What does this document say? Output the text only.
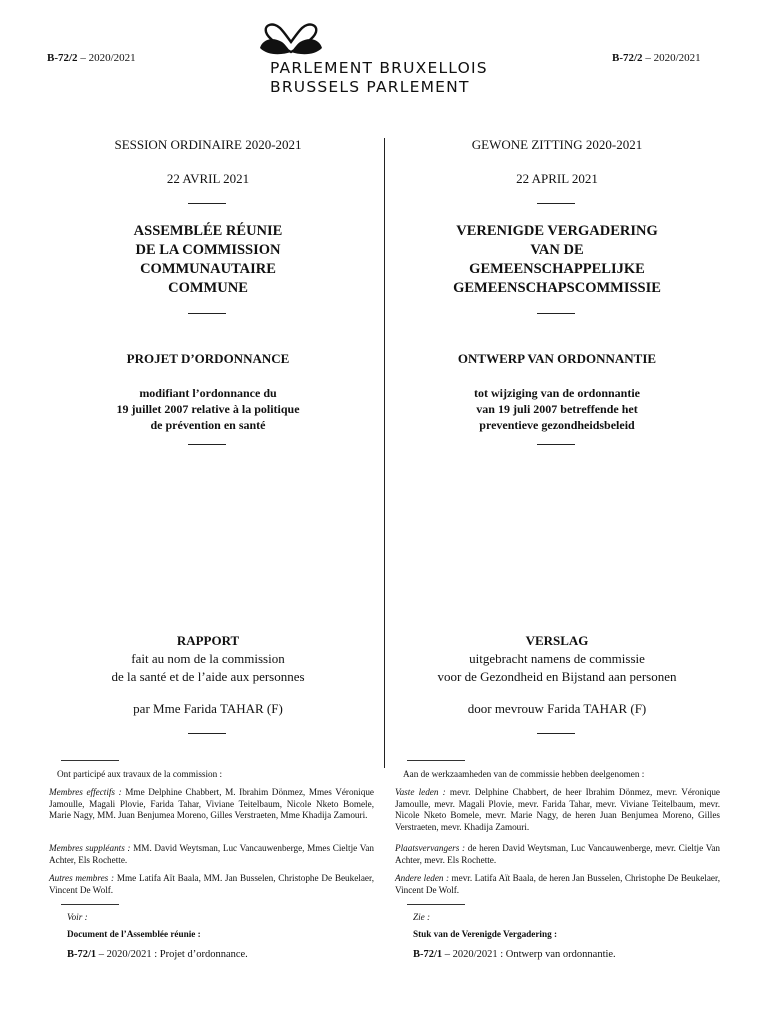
B-72/2 – 2020/2021	B-72/2 – 2020/2021
PARLEMENT BRUXELLOIS
BRUSSELS PARLEMENT
SESSION ORDINAIRE 2020-2021
22 AVRIL 2021
ASSEMBLÉE RÉUNIE
DE LA COMMISSION
COMMUNAUTAIRE
COMMUNE
PROJET D’ORDONNANCE
modifiant l’ordonnance du
19 juillet 2007 relative à la politique
de prévention en santé
RAPPORT
fait au nom de la commission
de la santé et de l’aide aux personnes
par Mme Farida TAHAR (F)
GEWONE ZITTING 2020-2021
22 APRIL 2021
VERENIGDE VERGADERING
VAN DE
GEMEENSCHAPPELIJKE
GEMEENSCHAPSCOMMISSIE
ONTWERP VAN ORDONNANTIE
tot wijziging van de ordonnantie
van 19 juli 2007 betreffende het
preventieve gezondheidsbeleid
VERSLAG
uitgebracht namens de commissie
voor de Gezondheid en Bijstand aan personen
door mevrouw Farida TAHAR (F)
Ont participé aux travaux de la commission :
Membres effectifs : Mme Delphine Chabbert, M. Ibrahim Dönmez, Mmes Véronique Jamoulle, Magali Plovie, Farida Tahar, Viviane Teitelbaum, Nicole Nketo Bomele, Marie Nagy, MM. Juan Benjumea Moreno, Gilles Verstraeten, Mme Khadija Zamouri.
Membres suppléants : MM. David Weytsman, Luc Vancauwenberge, Mmes Cieltje Van Achter, Els Rochette.
Autres membres : Mme Latifa Aït Baala, MM. Jan Busselen, Christophe De Beukelaer, Vincent De Wolf.
Voir :
Document de l’Assemblée réunie :
B-72/1 – 2020/2021 : Projet d’ordonnance.
Aan de werkzaamheden van de commissie hebben deelgenomen :
Vaste leden : mevr. Delphine Chabbert, de heer Ibrahim Dönmez, mevr. Véronique Jamoulle, mevr. Magali Plovie, mevr. Farida Tahar, mevr. Viviane Teitelbaum, mevr. Nicole Nketo Bomele, mevr. Marie Nagy, de heren Juan Benjumea Moreno, Gilles Verstraeten, mevr. Khadija Zamouri.
Plaatsvervangers : de heren David Weytsman, Luc Vancauwenberge, mevr. Cieltje Van Achter, mevr. Els Rochette.
Andere leden : mevr. Latifa Aït Baala, de heren Jan Busselen, Christophe De Beukelaer, Vincent De Wolf.
Zie :
Stuk van de Verenigde Vergadering :
B-72/1 – 2020/2021 : Ontwerp van ordonnantie.
